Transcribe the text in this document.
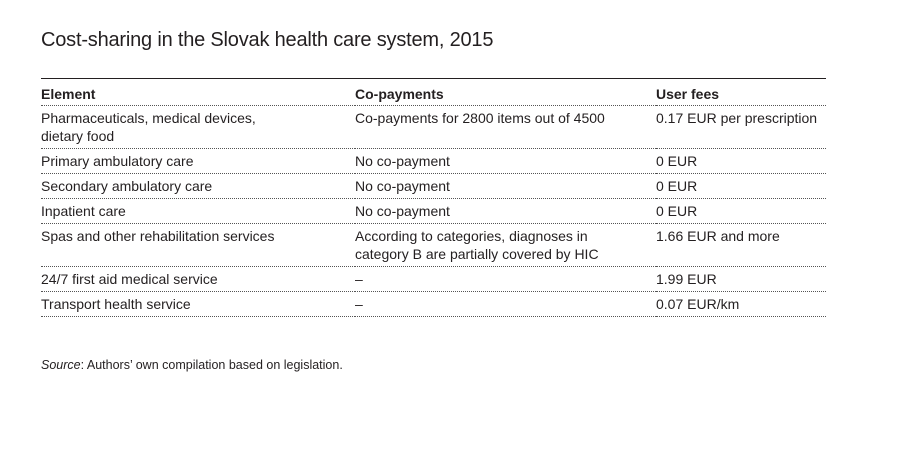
Cost-sharing in the Slovak health care system, 2015
Element	Co-payments	User fees

Pharmaceuticals, medical devices, dietary food	Co-payments for 2800 items out of 4500	0.17 EUR per prescription
Primary ambulatory care	No co-payment	0 EUR
Secondary ambulatory care	No co-payment	0 EUR
Inpatient care	No co-payment	0 EUR
Spas and other rehabilitation services	According to categories, diagnoses in category B are partially covered by HIC	1.66 EUR and more
24/7 first aid medical service	–	1.99 EUR
Transport health service	–	0.07 EUR/km
Source: Authors’ own compilation based on legislation.
